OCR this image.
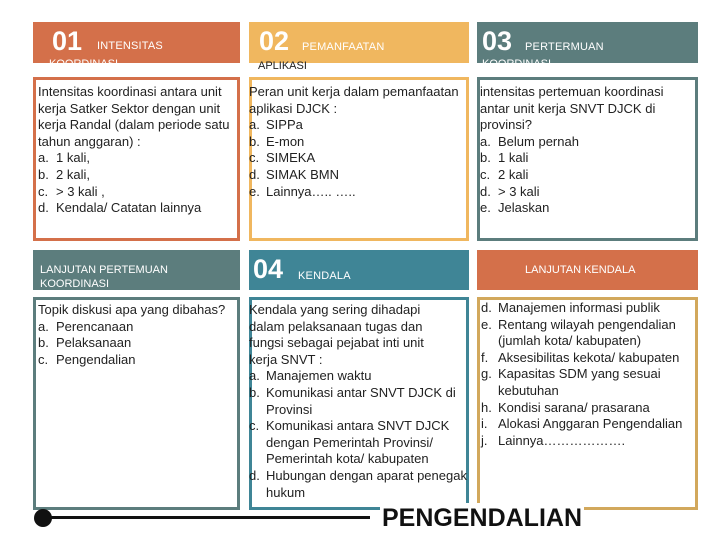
01 INTENSITAS
KOORDINASI
Intensitas koordinasi antara unit kerja Satker Sektor dengan unit kerja Randal (dalam periode satu tahun anggaran) :
a. 1 kali,
b. 2 kali,
c. > 3 kali ,
d. Kendala/ Catatan lainnya
02 PEMANFAATAN
APLIKASI
Peran unit kerja dalam pemanfaatan aplikasi DJCK :
a. SIPPa
b. E-mon
c. SIMEKA
d. SIMAK BMN
e. Lainnya….. …..
03 PERTERMUAN
KOORDINASI
intensitas pertemuan koordinasi antar unit kerja SNVT DJCK di provinsi?
a. Belum pernah
b. 1 kali
c. 2 kali
d. > 3 kali
e. Jelaskan
LANJUTAN PERTEMUAN KOORDINASI
Topik diskusi apa yang dibahas?
a. Perencanaan
b. Pelaksanaan
c. Pengendalian
04 KENDALA
Kendala yang sering dihadapi dalam pelaksanaan tugas dan fungsi sebagai pejabat inti unit kerja SNVT :
a. Manajemen waktu
b. Komunikasi antar SNVT DJCK di Provinsi
c. Komunikasi antara SNVT DJCK dengan Pemerintah Provinsi/ Pemerintah kota/ kabupaten
d. Hubungan dengan aparat penegak hukum
LANJUTAN KENDALA
d. Manajemen informasi publik
e. Rentang wilayah pengendalian (jumlah kota/ kabupaten)
f. Aksesibilitas kekota/ kabupaten
g. Kapasitas SDM yang sesuai kebutuhan
h. Kondisi sarana/ prasarana
i. Alokasi Anggaran Pengendalian
j. Lainnya……………….
PENGENDALIAN
